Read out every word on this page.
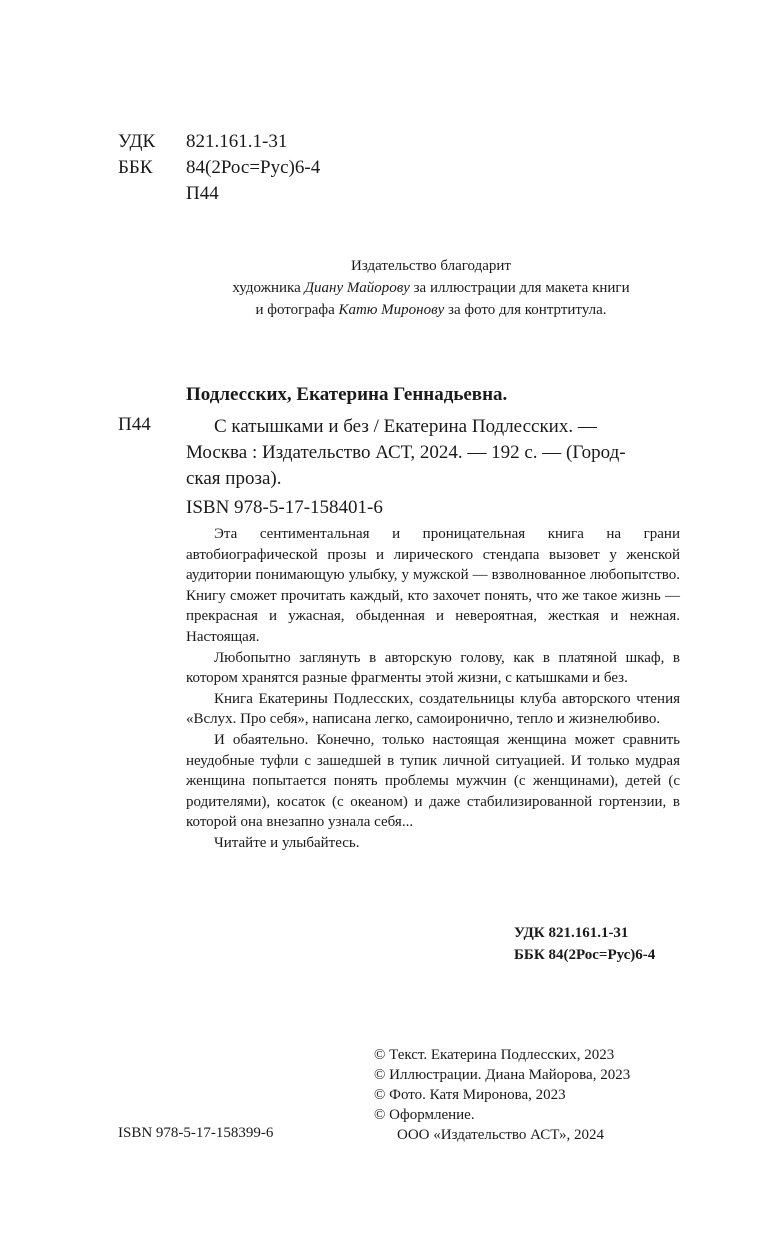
УДК 821.161.1-31
ББК 84(2Рос=Рус)6-4
П44
Издательство благодарит
художника Диану Майорову за иллюстрации для макета книги
и фотографа Катю Миронову за фото для контртитула.
Подлесских, Екатерина Геннадьевна.
П44	С катышками и без / Екатерина Подлесских. —
Москва : Издательство АСТ, 2024. — 192 с. — (Город-
ская проза).
ISBN 978-5-17-158401-6

Эта сентиментальная и проницательная книга на грани автобиографической прозы и лирического стендапа вызовет у женской аудитории понимающую улыбку, у мужской — взволнованное любопытство. Книгу сможет прочитать каждый, кто захочет понять, что же такое жизнь — прекрасная и ужасная, обыденная и невероятная, жесткая и нежная. Настоящая.

Любопытно заглянуть в авторскую голову, как в платяной шкаф, в котором хранятся разные фрагменты этой жизни, с катышками и без.

Книга Екатерины Подлесских, создательницы клуба авторского чтения «Вслух. Про себя», написана легко, самоиронично, тепло и жизнелюбиво.

И обаятельно. Конечно, только настоящая женщина может сравнить неудобные туфли с зашедшей в тупик личной ситуацией. И только мудрая женщина попытается понять проблемы мужчин (с женщинами), детей (с родителями), косаток (с океаном) и даже стабилизированной гортензии, в которой она внезапно узнала себя...

Читайте и улыбайтесь.

УДК 821.161.1-31
ББК 84(2Рос=Рус)6-4
© Текст. Екатерина Подлесских, 2023
© Иллюстрации. Диана Майорова, 2023
© Фото. Катя Миронова, 2023
© Оформление.
ООО «Издательство АСТ», 2024
ISBN 978-5-17-158399-6
